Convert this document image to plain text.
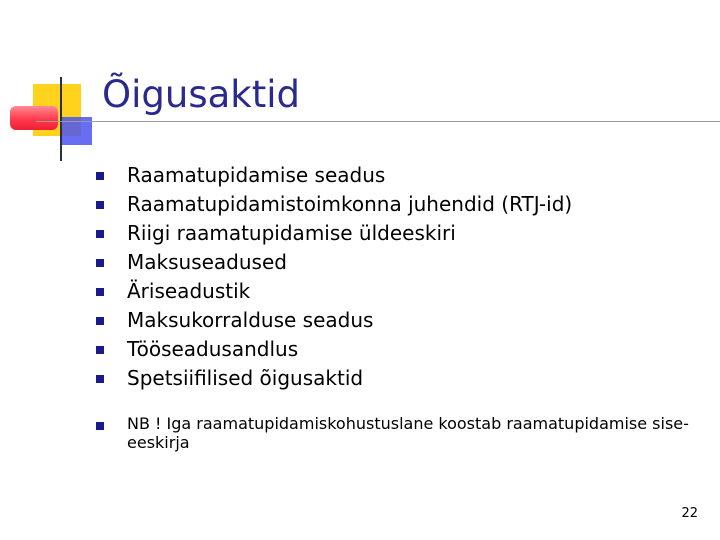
Õigusaktid
Raamatupidamise seadus
Raamatupidamistoimkonna juhendid (RTJ-id)
Riigi raamatupidamise üldeeskiri
Maksuseadused
Äriseadustik
Maksukorralduse seadus
Tööseadusandlus
Spetsiifilised õigusaktid
NB ! Iga raamatupidamiskohustuslane koostab raamatupidamise sise-eeskirja
22
